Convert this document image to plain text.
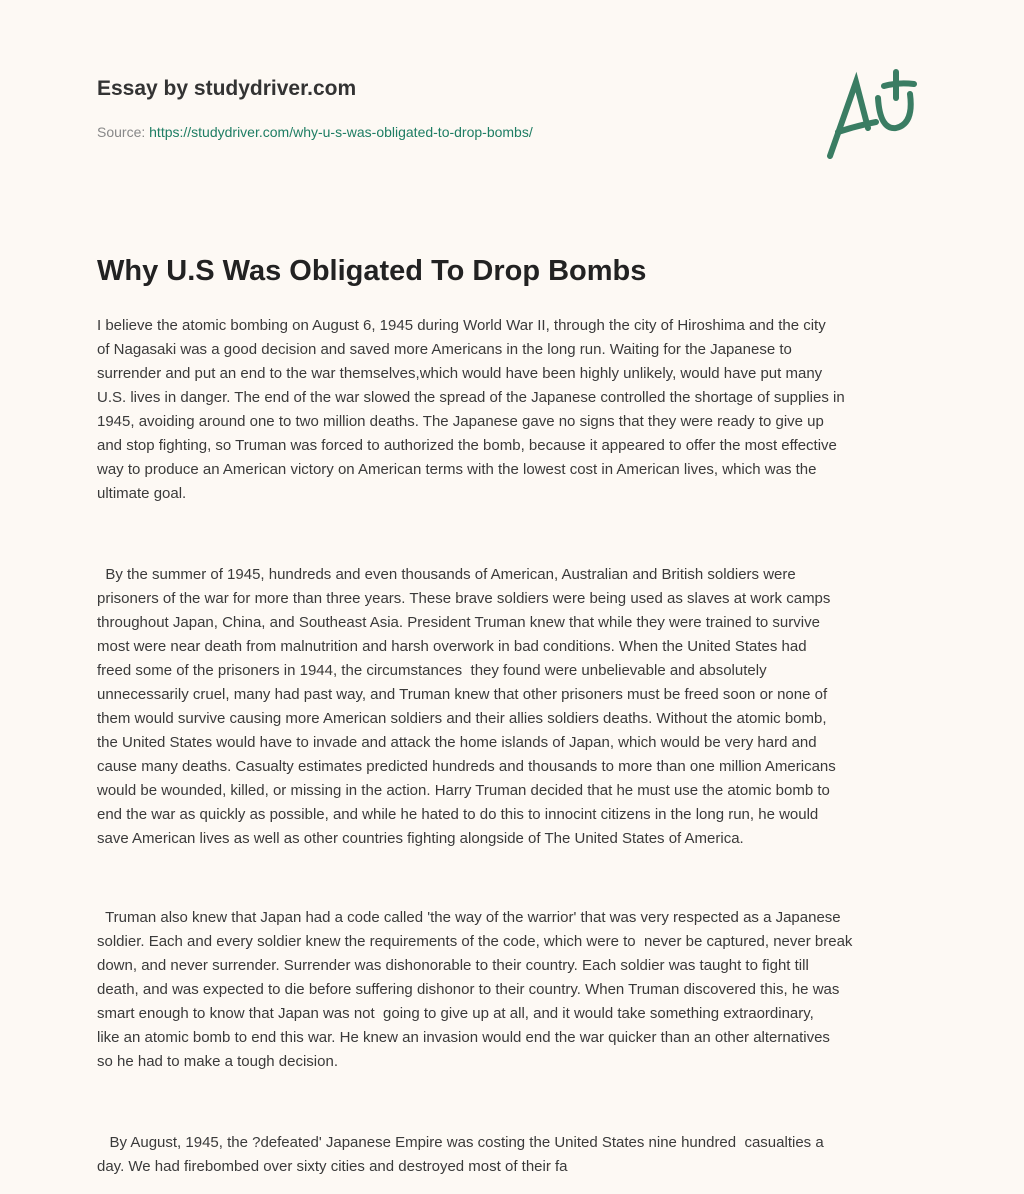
Essay by studydriver.com
Source: https://studydriver.com/why-u-s-was-obligated-to-drop-bombs/
Why U.S Was Obligated To Drop Bombs
I believe the atomic bombing on August 6, 1945 during World War II, through the city of Hiroshima and the city
of Nagasaki was a good decision and saved more Americans in the long run. Waiting for the Japanese to
surrender and put an end to the war themselves,which would have been highly unlikely, would have put many
U.S. lives in danger. The end of the war slowed the spread of the Japanese controlled the shortage of supplies in
1945, avoiding around one to two million deaths. The Japanese gave no signs that they were ready to give up
and stop fighting, so Truman was forced to authorized the bomb, because it appeared to offer the most effective
way to produce an American victory on American terms with the lowest cost in American lives, which was the
ultimate goal.
By the summer of 1945, hundreds and even thousands of American, Australian and British soldiers were
prisoners of the war for more than three years. These brave soldiers were being used as slaves at work camps
throughout Japan, China, and Southeast Asia. President Truman knew that while they were trained to survive
most were near death from malnutrition and harsh overwork in bad conditions. When the United States had
freed some of the prisoners in 1944, the circumstances  they found were unbelievable and absolutely
unnecessarily cruel, many had past way, and Truman knew that other prisoners must be freed soon or none of
them would survive causing more American soldiers and their allies soldiers deaths. Without the atomic bomb,
the United States would have to invade and attack the home islands of Japan, which would be very hard and
cause many deaths. Casualty estimates predicted hundreds and thousands to more than one million Americans
would be wounded, killed, or missing in the action. Harry Truman decided that he must use the atomic bomb to
end the war as quickly as possible, and while he hated to do this to innocint citizens in the long run, he would
save American lives as well as other countries fighting alongside of The United States of America.
Truman also knew that Japan had a code called 'the way of the warrior' that was very respected as a Japanese
soldier. Each and every soldier knew the requirements of the code, which were to  never be captured, never break
down, and never surrender. Surrender was dishonorable to their country. Each soldier was taught to fight till
death, and was expected to die before suffering dishonor to their country. When Truman discovered this, he was
smart enough to know that Japan was not  going to give up at all, and it would take something extraordinary,
like an atomic bomb to end this war. He knew an invasion would end the war quicker than an other alternatives
so he had to make a tough decision.
By August, 1945, the ?defeated' Japanese Empire was costing the United States nine hundred  casualties a
day. We had firebombed over sixty cities and destroyed most of their fa
